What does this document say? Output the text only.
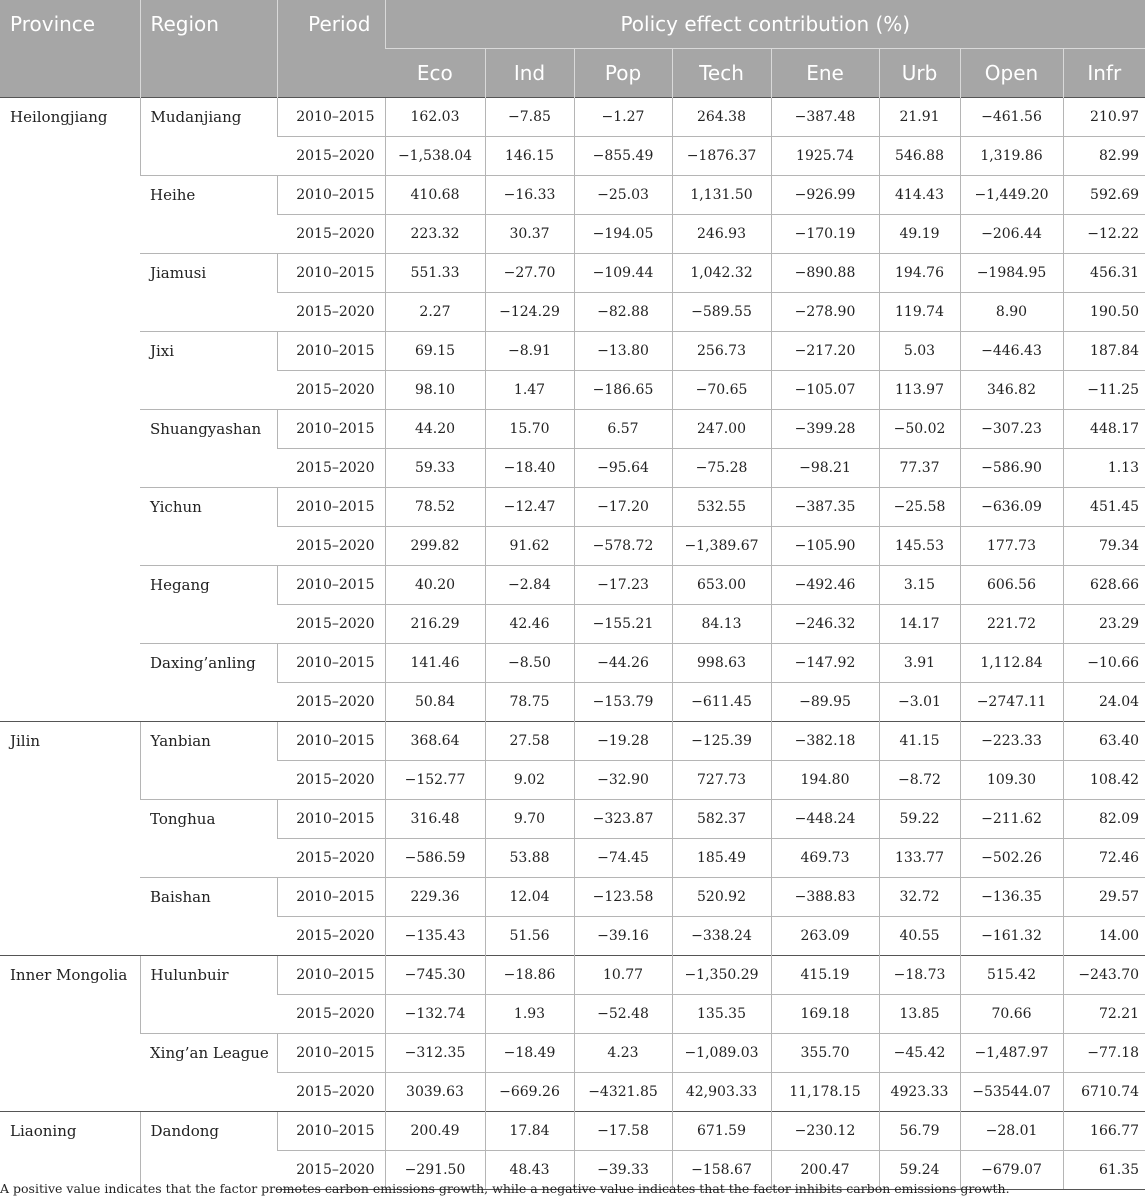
Province	Region	Period	Policy effect contribution (%)							
			Eco	Ind	Pop	Tech	Ene	Urb	Open	Infr
Heilongjiang	Mudanjiang	2010–2015	162.03	−7.85	−1.27	264.38	−387.48	21.91	−461.56	210.97
		2015–2020	−1,538.04	146.15	−855.49	−1876.37	1925.74	546.88	1,319.86	82.99
	Heihe	2010–2015	410.68	−16.33	−25.03	1,131.50	−926.99	414.43	−1,449.20	592.69
		2015–2020	223.32	30.37	−194.05	246.93	−170.19	49.19	−206.44	−12.22
	Jiamusi	2010–2015	551.33	−27.70	−109.44	1,042.32	−890.88	194.76	−1984.95	456.31
		2015–2020	2.27	−124.29	−82.88	−589.55	−278.90	119.74	8.90	190.50
	Jixi	2010–2015	69.15	−8.91	−13.80	256.73	−217.20	5.03	−446.43	187.84
		2015–2020	98.10	1.47	−186.65	−70.65	−105.07	113.97	346.82	−11.25
	Shuangyashan	2010–2015	44.20	15.70	6.57	247.00	−399.28	−50.02	−307.23	448.17
		2015–2020	59.33	−18.40	−95.64	−75.28	−98.21	77.37	−586.90	1.13
	Yichun	2010–2015	78.52	−12.47	−17.20	532.55	−387.35	−25.58	−636.09	451.45
		2015–2020	299.82	91.62	−578.72	−1,389.67	−105.90	145.53	177.73	79.34
	Hegang	2010–2015	40.20	−2.84	−17.23	653.00	−492.46	3.15	606.56	628.66
		2015–2020	216.29	42.46	−155.21	84.13	−246.32	14.17	221.72	23.29
	Daxing’anling	2010–2015	141.46	−8.50	−44.26	998.63	−147.92	3.91	1,112.84	−10.66
		2015–2020	50.84	78.75	−153.79	−611.45	−89.95	−3.01	−2747.11	24.04
Jilin	Yanbian	2010–2015	368.64	27.58	−19.28	−125.39	−382.18	41.15	−223.33	63.40
		2015–2020	−152.77	9.02	−32.90	727.73	194.80	−8.72	109.30	108.42
	Tonghua	2010–2015	316.48	9.70	−323.87	582.37	−448.24	59.22	−211.62	82.09
		2015–2020	−586.59	53.88	−74.45	185.49	469.73	133.77	−502.26	72.46
	Baishan	2010–2015	229.36	12.04	−123.58	520.92	−388.83	32.72	−136.35	29.57
		2015–2020	−135.43	51.56	−39.16	−338.24	263.09	40.55	−161.32	14.00
Inner Mongolia	Hulunbuir	2010–2015	−745.30	−18.86	10.77	−1,350.29	415.19	−18.73	515.42	−243.70
		2015–2020	−132.74	1.93	−52.48	135.35	169.18	13.85	70.66	72.21
	Xing’an League	2010–2015	−312.35	−18.49	4.23	−1,089.03	355.70	−45.42	−1,487.97	−77.18
		2015–2020	3039.63	−669.26	−4321.85	42,903.33	11,178.15	4923.33	−53544.07	6710.74
Liaoning	Dandong	2010–2015	200.49	17.84	−17.58	671.59	−230.12	56.79	−28.01	166.77
		2015–2020	−291.50	48.43	−39.33	−158.67	200.47	59.24	−679.07	61.35
A positive value indicates that the factor promotes carbon emissions growth, while a negative value indicates that the factor inhibits carbon emissions growth.
